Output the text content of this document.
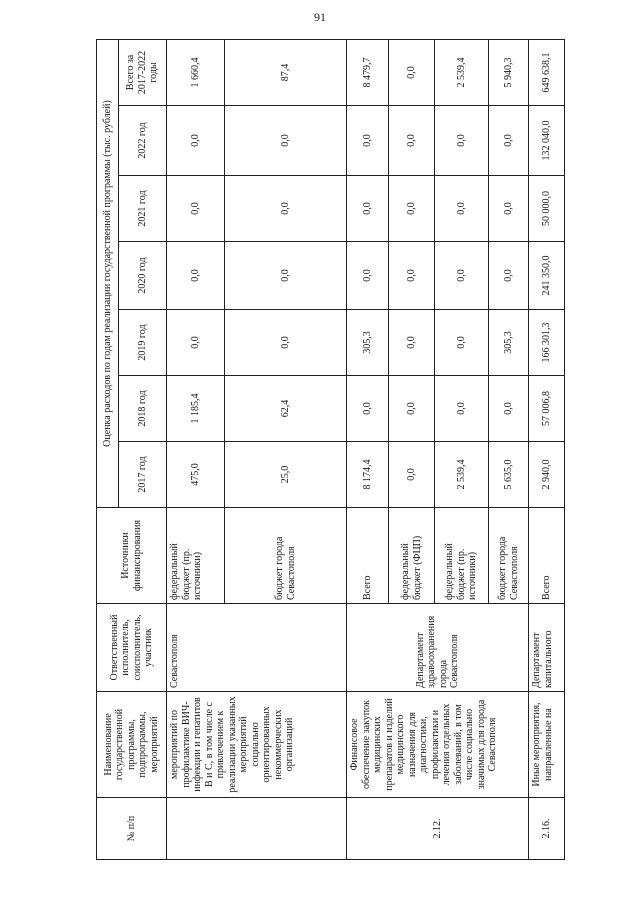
91
№ п/п	Наименование государственной программы, подпрограммы, мероприятий	Ответственный исполнитель, соисполнитель, участник	Источники финансирования	Оценка расходов по годам реализации государственной программы (тыс. рублей)						
				2017 год	2018 год	2019 год	2020 год	2021 год	2022 год	Всего за 2017-2022 годы
	мероприятий по профилактике ВИЧ-инфекции и гепатитов В и С, в том числе с привлечением к реализации указанных мероприятий социально ориентированных некоммерческих организаций	Севастополя	федеральный бюджет (пр. источники)	475,0	1 185,4	0,0	0,0	0,0	0,0	1 660,4
			бюджет города Севастополя	25,0	62,4	0,0	0,0	0,0	0,0	87,4
2.12.	Финансовое обеспечение закупок медицинских препаратов и изделий медицинского назначения для диагностики, профилактики и лечения отдельных заболеваний, в том числе социально значимых для города Севастополя	Департамент здравоохранения города Севастополя	Всего	8 174,4	0,0	305,3	0,0	0,0	0,0	8 479,7
			федеральный бюджет (ФЦП)	0,0	0,0	0,0	0,0	0,0	0,0	0,0
			федеральный бюджет (пр. источники)	2 539,4	0,0	0,0	0,0	0,0	0,0	2 539,4
			бюджет города Севастополя	5 635,0	0,0	305,3	0,0	0,0	0,0	5 940,3
2.16.	Иные мероприятия, направленные на	Департамент капитального	Всего	2 940,0	57 006,8	166 301,3	241 350,0	50 000,0	132 040,0	649 638,1
